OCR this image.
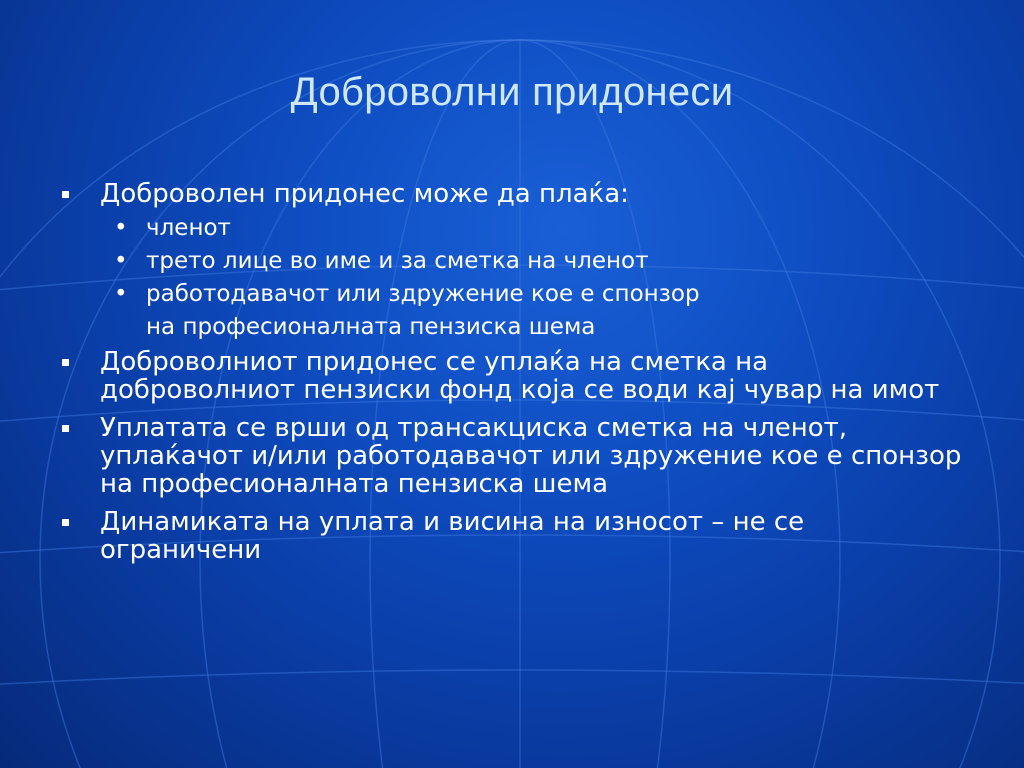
Доброволни придонеси
Доброволен придонес може да плаќа:
• членот
• трето лице во име и за сметка на членот
• работодавачот или здружение кое е спонзор
на професионалната пензиска шема
Доброволниот придонес се уплаќа на сметка на доброволниот пензиски фонд која се води кај чувар на имот
Уплатата се врши од трансакциска сметка на членот, уплаќачот и/или работодавачот или здружение кое е спонзор на професионалната пензиска шема
Динамиката на уплата и висина на износот – не се ограничени
